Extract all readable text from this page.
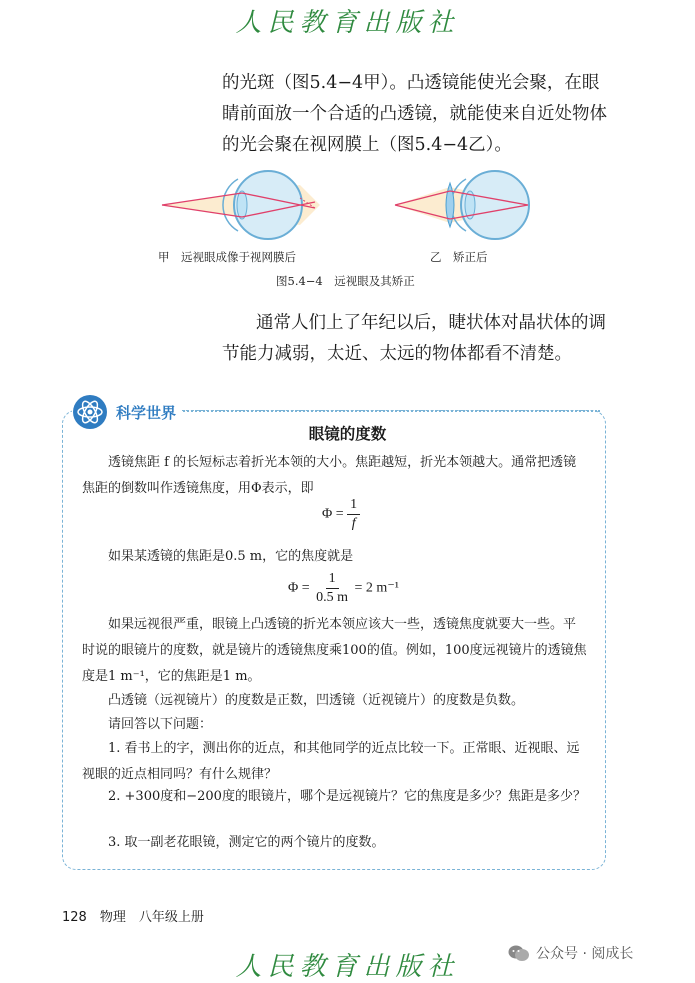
人民教育出版社
的光斑（图5.4−4甲）。凸透镜能使光会聚，在眼睛前面放一个合适的凸透镜，就能使来自近处物体的光会聚在视网膜上（图5.4−4乙）。
甲　远视眼成像于视网膜后	乙　矫正后
图5.4−4　远视眼及其矫正
通常人们上了年纪以后，睫状体对晶状体的调节能力减弱，太近、太远的物体都看不清楚。
科学世界
眼镜的度数
透镜焦距 f 的长短标志着折光本领的大小。焦距越短，折光本领越大。通常把透镜焦距的倒数叫作透镜焦度，用Φ表示，即
$\Phi = \frac{1}{f}$
如果某透镜的焦距是0.5 m，它的焦度就是
$\Phi = \frac{1}{0.5 m} = 2$ m⁻¹
如果远视很严重，眼镜上凸透镜的折光本领应该大一些，透镜焦度就要大一些。平时说的眼镜片的度数，就是镜片的透镜焦度乘100的值。例如，100度远视镜片的透镜焦度是1 m⁻¹，它的焦距是1 m。
凸透镜（远视镜片）的度数是正数，凹透镜（近视镜片）的度数是负数。
请回答以下问题：
1. 看书上的字，测出你的近点，和其他同学的近点比较一下。正常眼、近视眼、远视眼的近点相同吗？有什么规律？
2. +300度和−200度的眼镜片，哪个是远视镜片？它的焦度是多少？焦距是多少？
3. 取一副老花眼镜，测定它的两个镜片的度数。
128　物理　八年级上册
人民教育出版社	公众号 · 阅成长
